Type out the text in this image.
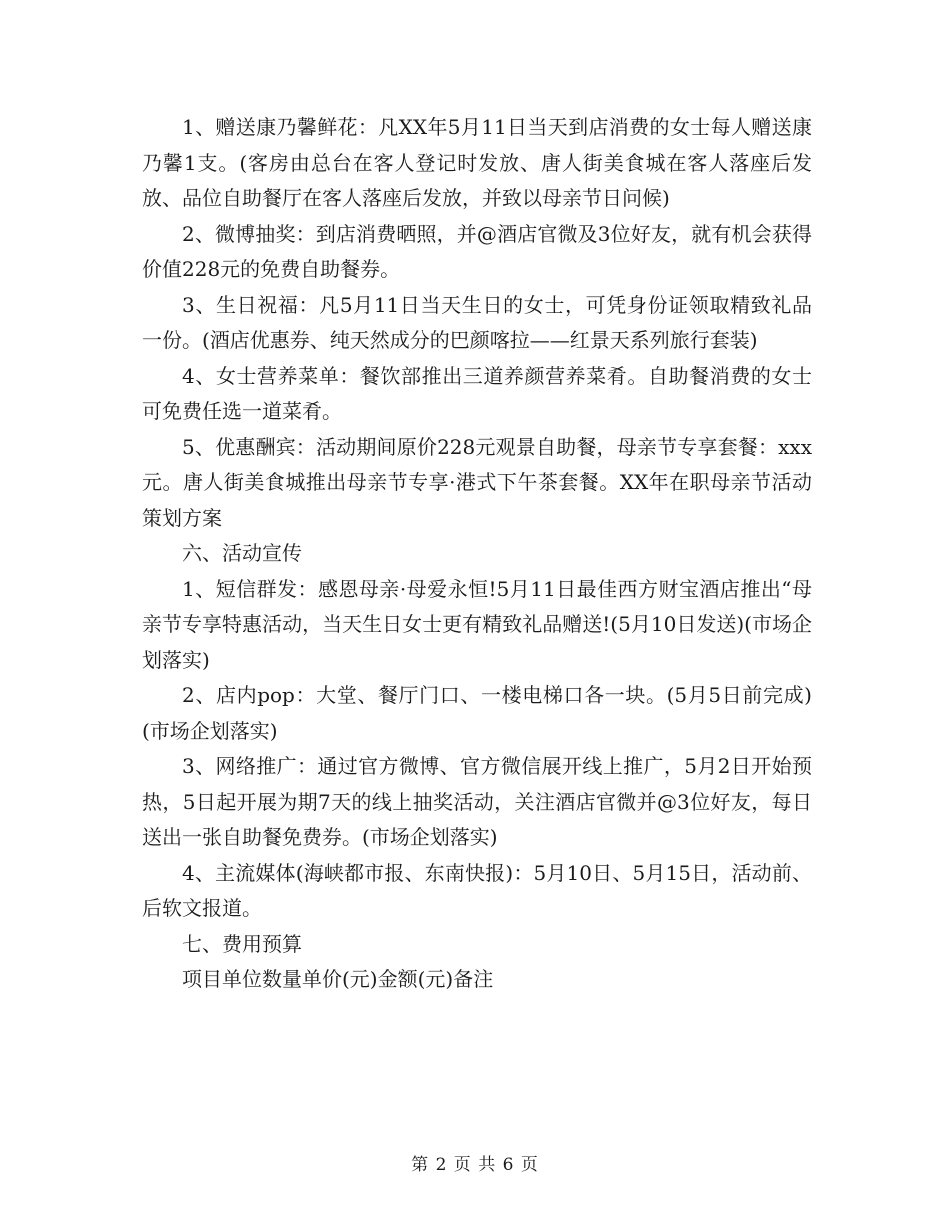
1、赠送康乃馨鲜花：凡XX年5月11日当天到店消费的女士每人赠送康乃馨1支。(客房由总台在客人登记时发放、唐人街美食城在客人落座后发放、品位自助餐厅在客人落座后发放，并致以母亲节日问候)

2、微博抽奖：到店消费晒照，并@酒店官微及3位好友，就有机会获得价值228元的免费自助餐券。

3、生日祝福：凡5月11日当天生日的女士，可凭身份证领取精致礼品一份。(酒店优惠券、纯天然成分的巴颜喀拉——红景天系列旅行套装)

4、女士营养菜单：餐饮部推出三道养颜营养菜肴。自助餐消费的女士可免费任选一道菜肴。

5、优惠酬宾：活动期间原价228元观景自助餐，母亲节专享套餐：xxx元。唐人街美食城推出母亲节专享·港式下午茶套餐。XX年在职母亲节活动策划方案

六、活动宣传

1、短信群发：感恩母亲·母爱永恒!5月11日最佳西方财宝酒店推出“母亲节专享特惠活动，当天生日女士更有精致礼品赠送!(5月10日发送)(市场企划落实)

2、店内pop：大堂、餐厅门口、一楼电梯口各一块。(5月5日前完成)(市场企划落实)

3、网络推广：通过官方微博、官方微信展开线上推广，5月2日开始预热，5日起开展为期7天的线上抽奖活动，关注酒店官微并@3位好友，每日送出一张自助餐免费券。(市场企划落实)

4、主流媒体(海峡都市报、东南快报)：5月10日、5月15日，活动前、后软文报道。

七、费用预算

项目单位数量单价(元)金额(元)备注

第 2 页 共 6 页
